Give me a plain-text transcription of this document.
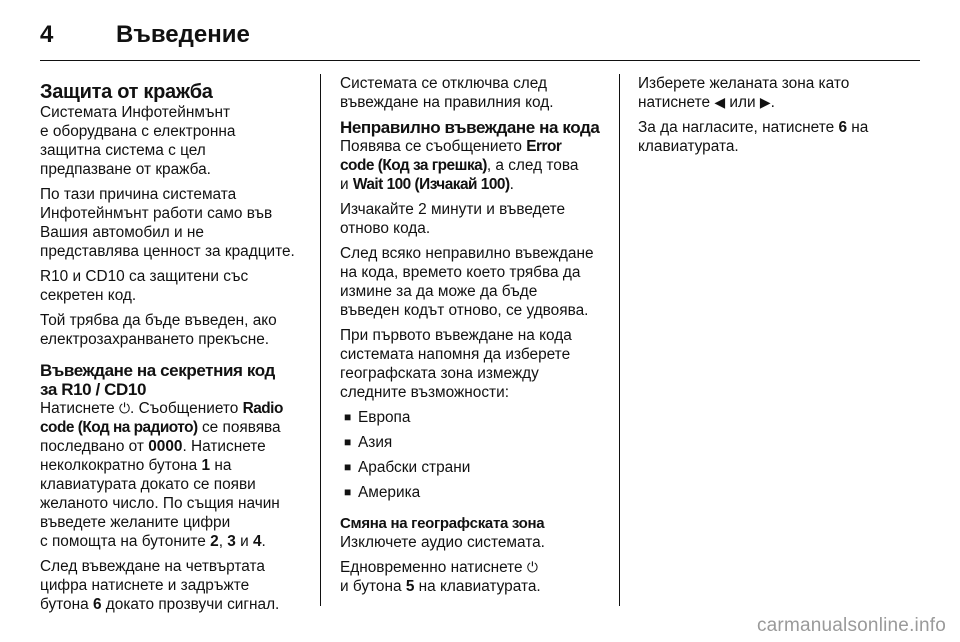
4	Въведение
Защита от кражба

Системата Инфотейнмънт
е оборудвана с електронна
защитна система с цел
предпазване от кражба.

По тази причина системата
Инфотейнмънт работи само във
Вашия автомобил и не
представлява ценност за крадците.

R10 и CD10 са защитени със
секретен код.

Той трябва да бъде въведен, ако
електрозахранването прекъсне.

Въвеждане на секретния код
за R10 / CD10

Натиснете ⏻. Съобщението Radio
code (Код на радиото) се появява
последвано от 0000. Натиснете
неколкократно бутона 1 на
клавиатурата докато се появи
желаното число. По същия начин
въведете желаните цифри
с помощта на бутоните 2, 3 и 4.

След въвеждане на четвъртата
цифра натиснете и задръжте
бутона 6 докато прозвучи сигнал.

Системата се отключва след
въвеждане на правилния код.

Неправилно въвеждане на кода

Появява се съобщението Error
code (Код за грешка), а след това
и Wait 100 (Изчакай 100).

Изчакайте 2 минути и въведете
отново кода.

След всяко неправилно въвеждане
на кода, времето което трябва да
измине за да може да бъде
въведен кодът отново, се удвоява.

При първото въвеждане на кода
системата напомня да изберете
географската зона измежду
следните възможности:

■ Европа
■ Азия
■ Арабски страни
■ Америка
Смяна на географската зона

Изключете аудио системата.

Едновременно натиснете ⏻
и бутона 5 на клавиатурата.

Изберете желаната зона като
натиснете ◀ или ▶.

За да нагласите, натиснете 6 на
клавиатурата.

carmanualsonline.info
